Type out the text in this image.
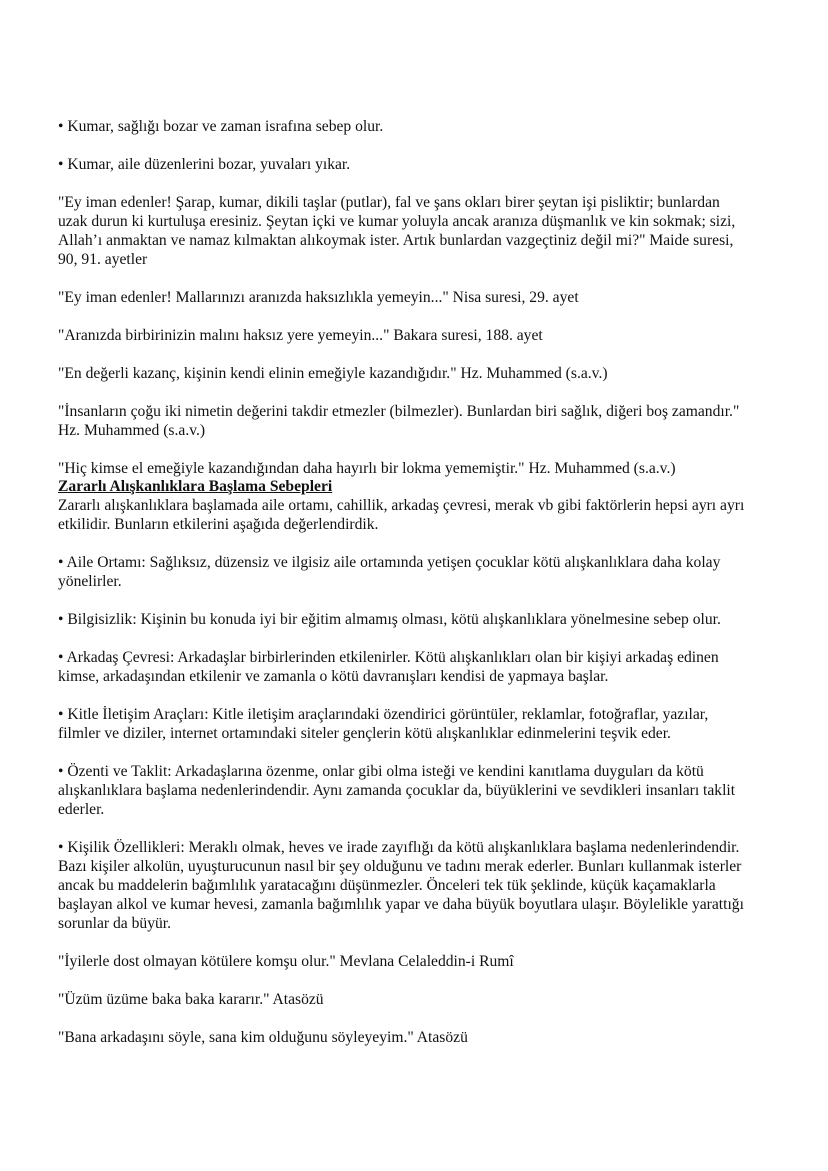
• Kumar, sağlığı bozar ve zaman israfına sebep olur.

• Kumar, aile düzenlerini bozar, yuvaları yıkar.

"Ey iman edenler! Şarap, kumar, dikili taşlar (putlar), fal ve şans okları birer şeytan işi pisliktir; bunlardan uzak durun ki kurtuluşa eresiniz. Şeytan içki ve kumar yoluyla ancak aranıza düşmanlık ve kin sokmak; sizi, Allah’ı anmaktan ve namaz kılmaktan alıkoymak ister. Artık bunlardan vazgeçtiniz değil mi?" Maide suresi, 90, 91. ayetler

"Ey iman edenler! Mallarınızı aranızda haksızlıkla yemeyin..." Nisa suresi, 29. ayet

"Aranızda birbirinizin malını haksız yere yemeyin..." Bakara suresi, 188. ayet

"En değerli kazanç, kişinin kendi elinin emeğiyle kazandığıdır." Hz. Muhammed (s.a.v.)

"İnsanların çoğu iki nimetin değerini takdir etmezler (bilmezler). Bunlardan biri sağlık, diğeri boş zamandır." Hz. Muhammed (s.a.v.)

"Hiç kimse el emeğiyle kazandığından daha hayırlı bir lokma yememiştir." Hz. Muhammed (s.a.v.)

Zararlı Alışkanlıklara Başlama Sebepleri

Zararlı alışkanlıklara başlamada aile ortamı, cahillik, arkadaş çevresi, merak vb gibi faktörlerin hepsi ayrı ayrı etkilidir. Bunların etkilerini aşağıda değerlendirdik.

• Aile Ortamı: Sağlıksız, düzensiz ve ilgisiz aile ortamında yetişen çocuklar kötü alışkanlıklara daha kolay yönelirler.

• Bilgisizlik: Kişinin bu konuda iyi bir eğitim almamış olması, kötü alışkanlıklara yönelmesine sebep olur.

• Arkadaş Çevresi: Arkadaşlar birbirlerinden etkilenirler. Kötü alışkanlıkları olan bir kişiyi arkadaş edinen kimse, arkadaşından etkilenir ve zamanla o kötü davranışları kendisi de yapmaya başlar.

• Kitle İletişim Araçları: Kitle iletişim araçlarındaki özendirici görüntüler, reklamlar, fotoğraflar, yazılar, filmler ve diziler, internet ortamındaki siteler gençlerin kötü alışkanlıklar edinmelerini teşvik eder.

• Özenti ve Taklit: Arkadaşlarına özenme, onlar gibi olma isteği ve kendini kanıtlama duyguları da kötü alışkanlıklara başlama nedenlerindendir. Aynı zamanda çocuklar da, büyüklerini ve sevdikleri insanları taklit ederler.

• Kişilik Özellikleri: Meraklı olmak, heves ve irade zayıflığı da kötü alışkanlıklara başlama nedenlerindendir. Bazı kişiler alkolün, uyuşturucunun nasıl bir şey olduğunu ve tadını merak ederler. Bunları kullanmak isterler ancak bu maddelerin bağımlılık yaratacağını düşünmezler. Önceleri tek tük şeklinde, küçük kaçamaklarla başlayan alkol ve kumar hevesi, zamanla bağımlılık yapar ve daha büyük boyutlara ulaşır. Böylelikle yarattığı sorunlar da büyür.

"İyilerle dost olmayan kötülere komşu olur." Mevlana Celaleddin-i Rumî

"Üzüm üzüme baka baka kararır." Atasözü

"Bana arkadaşını söyle, sana kim olduğunu söyleyeyim." Atasözü
